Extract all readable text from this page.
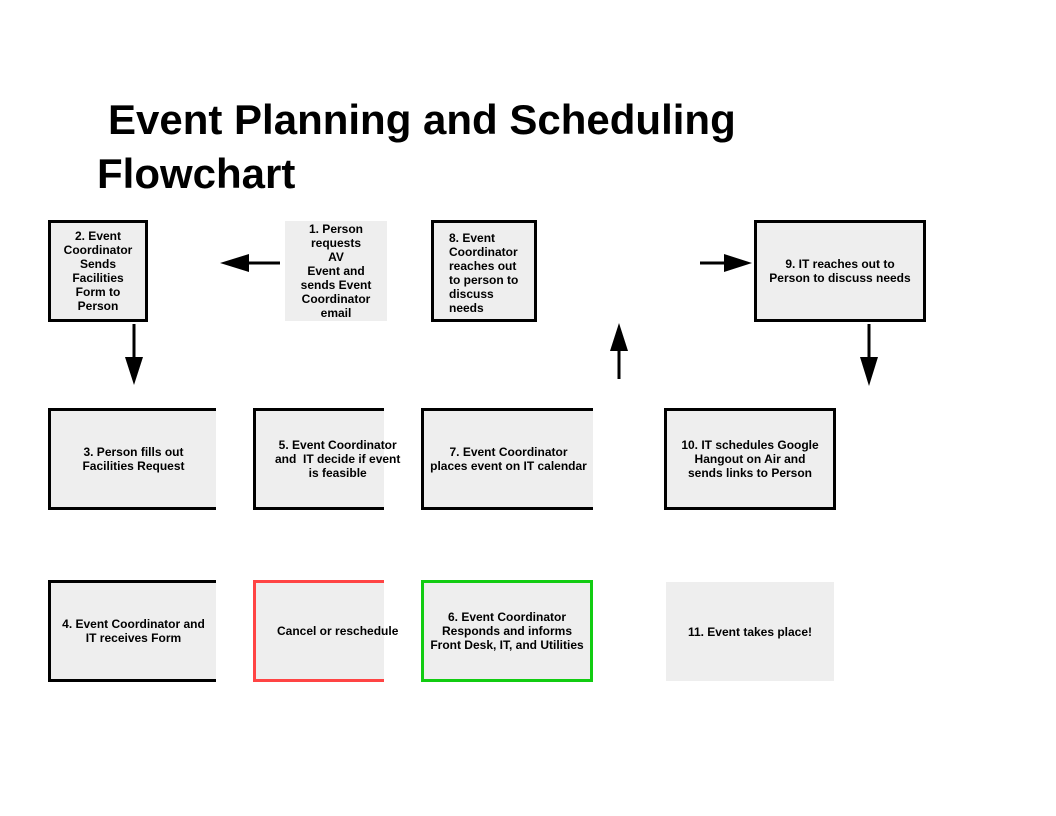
Event Planning and Scheduling
Flowchart
1. Person
requests
AV
Event and
sends Event
Coordinator
email
2. Event
Coordinator
Sends
Facilities
Form to
Person
8. Event
Coordinator
reaches out
to person to
discuss
needs
9. IT reaches out to
Person to discuss needs
3. Person fills out
Facilities Request
5. Event Coordinator
and  IT decide if event
is feasible
7. Event Coordinator
places event on IT calendar
10. IT schedules Google
Hangout on Air and
sends links to Person
4. Event Coordinator and
IT receives Form	Cancel or reschedule
6. Event Coordinator
Responds and informs
Front Desk, IT, and Utilities
11. Event takes place!
